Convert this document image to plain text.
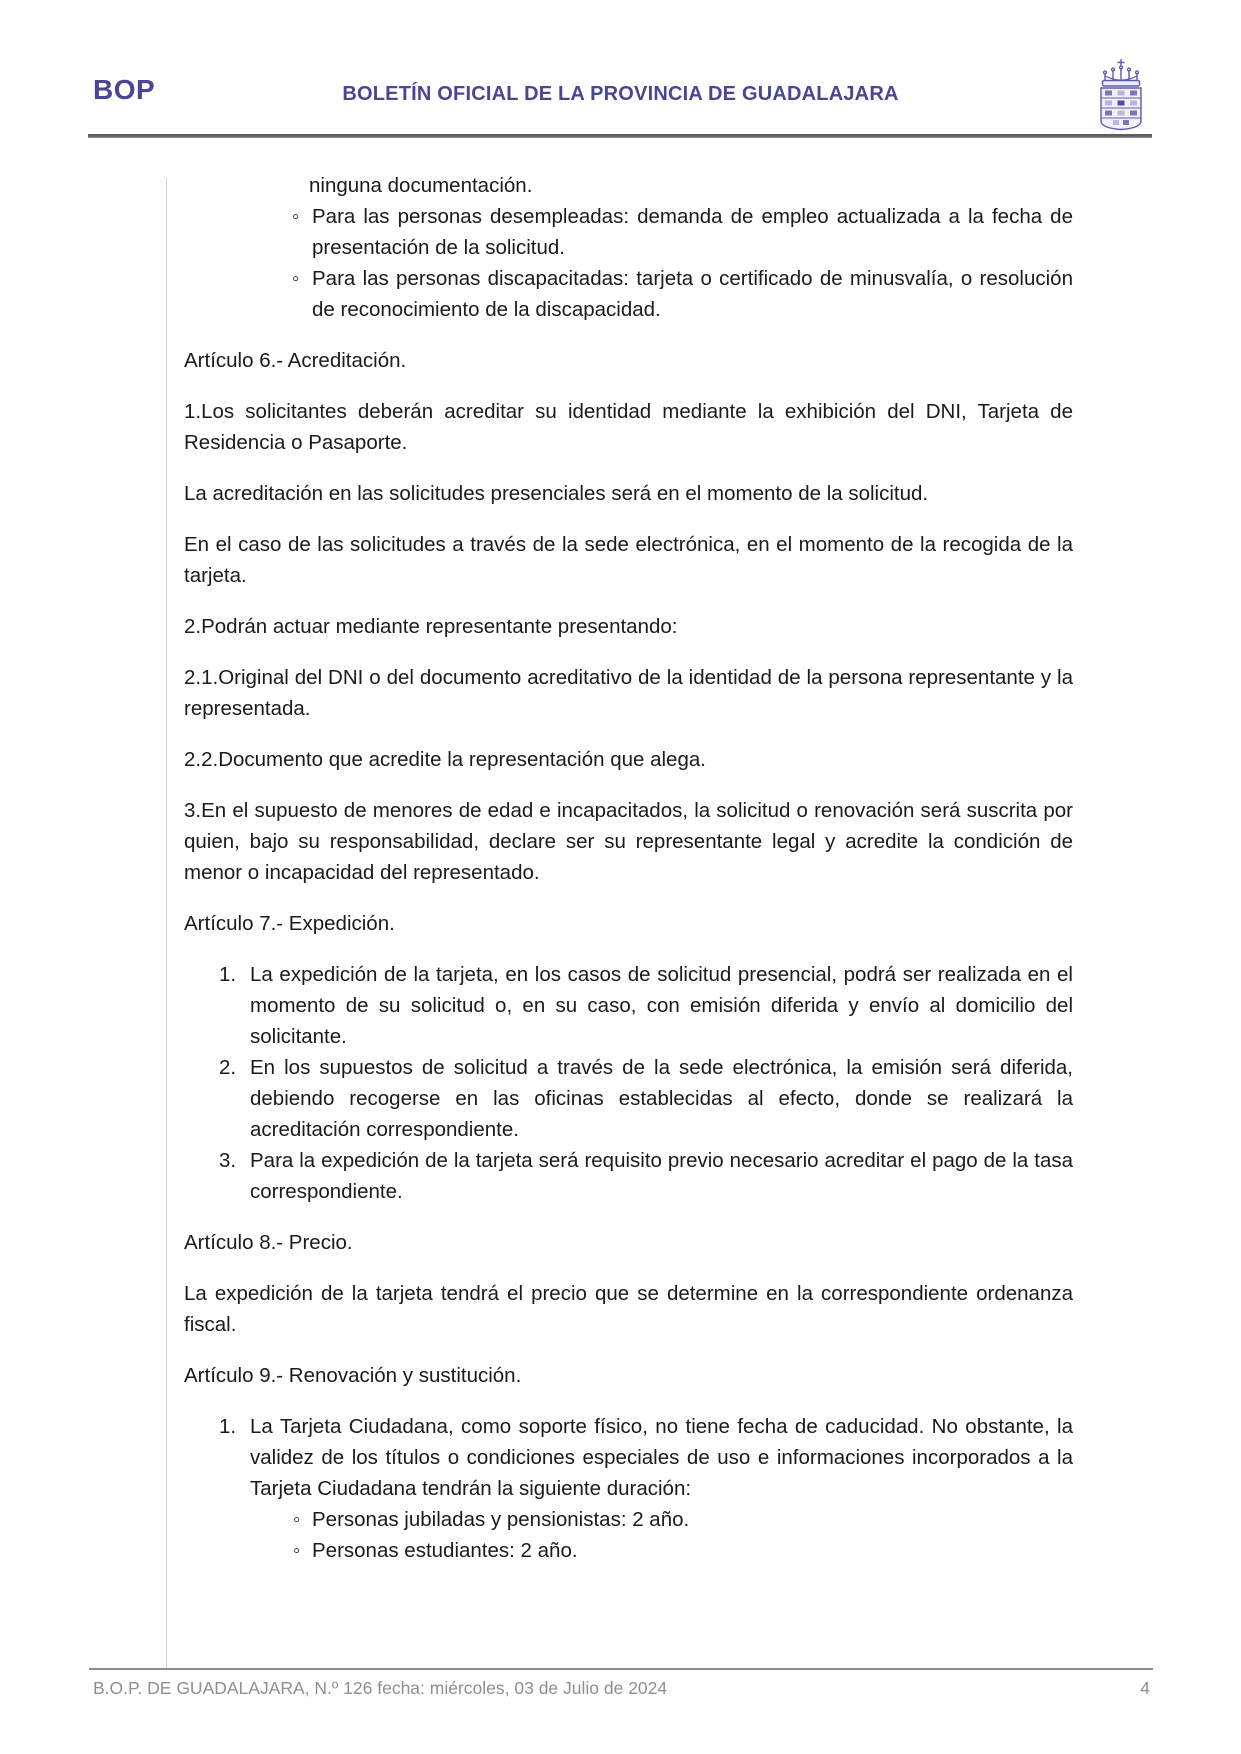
BOP	BOLETÍN OFICIAL DE LA PROVINCIA DE GUADALAJARA

ninguna documentación.

◦ Para las personas desempleadas: demanda de empleo actualizada a la fecha de presentación de la solicitud.
◦ Para las personas discapacitadas: tarjeta o certificado de minusvalía, o resolución de reconocimiento de la discapacidad.

Artículo 6.- Acreditación.

1.Los solicitantes deberán acreditar su identidad mediante la exhibición del DNI, Tarjeta de Residencia o Pasaporte.

La acreditación en las solicitudes presenciales será en el momento de la solicitud.

En el caso de las solicitudes a través de la sede electrónica, en el momento de la recogida de la tarjeta.

2.Podrán actuar mediante representante presentando:

2.1.Original del DNI o del documento acreditativo de la identidad de la persona representante y la representada.

2.2.Documento que acredite la representación que alega.

3.En el supuesto de menores de edad e incapacitados, la solicitud o renovación será suscrita por quien, bajo su responsabilidad, declare ser su representante legal y acredite la condición de menor o incapacidad del representado.

Artículo 7.- Expedición.

La expedición de la tarjeta, en los casos de solicitud presencial, podrá ser realizada en el momento de su solicitud o, en su caso, con emisión diferida y envío al domicilio del solicitante.
En los supuestos de solicitud a través de la sede electrónica, la emisión será diferida, debiendo recogerse en las oficinas establecidas al efecto, donde se realizará la acreditación correspondiente.
Para la expedición de la tarjeta será requisito previo necesario acreditar el pago de la tasa correspondiente.

Artículo 8.- Precio.

La expedición de la tarjeta tendrá el precio que se determine en la correspondiente ordenanza fiscal.

Artículo 9.- Renovación y sustitución.

La Tarjeta Ciudadana, como soporte físico, no tiene fecha de caducidad. No obstante, la validez de los títulos o condiciones especiales de uso e informaciones incorporados a la Tarjeta Ciudadana tendrán la siguiente duración:
◦ Personas jubiladas y pensionistas: 2 año.
◦ Personas estudiantes: 2 año.
B.O.P. DE GUADALAJARA, N.º 126 fecha: miércoles, 03 de Julio de 2024	4
